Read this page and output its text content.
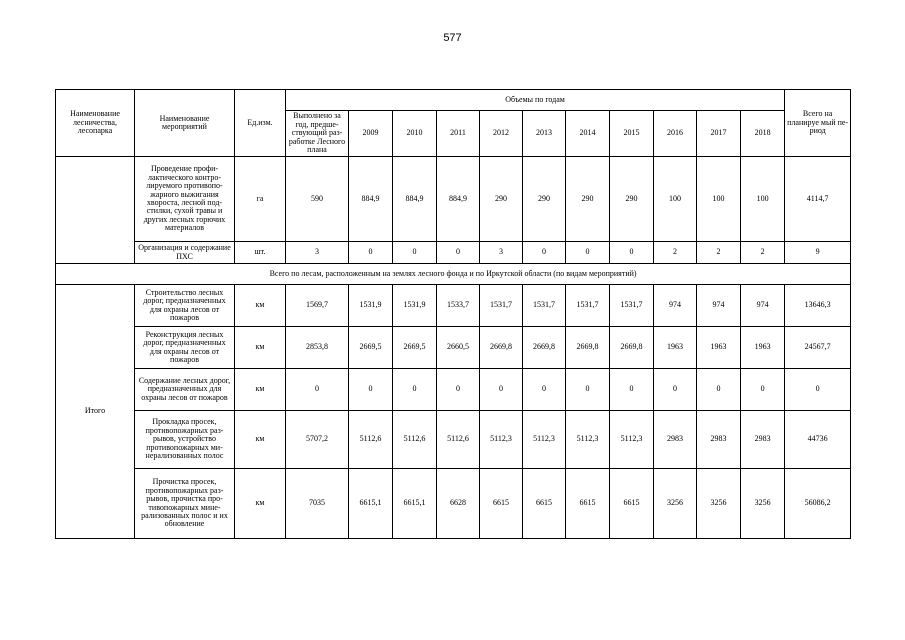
577
Наименование лесничества, лесопарка	Наименование мероприятий	Ед.изм.	Объемы по годам											Всего на планируе мый пе-риод
			Выполнено за год, предше-ствующий раз-работке Лесного плана	2009	2010	2011	2012	2013	2014	2015	2016	2017	2018	
	Проведение профи-лактического контро-лируемого противопо-жарного выжигания хворостa, лесной под-стилки, сухой травы и других лесных горючих материалов	га	590	884,9	884,9	884,9	290	290	290	290	100	100	100	4114,7
	Организация и содержание ПХС	шт.	3	0	0	0	3	0	0	0	2	2	2	9
Всего по лесам, расположенным на землях лесного фонда и по Иркутской области (по видам мероприятий)														
Итого	Строительство лесных дорог, предназначенных для охраны лесов от пожаров	км	1569,7	1531,9	1531,9	1533,7	1531,7	1531,7	1531,7	1531,7	974	974	974	13646,3
	Реконструкция лесных дорог, предназначенных для охраны лесов от пожаров	км	2853,8	2669,5	2669,5	2660,5	2669,8	2669,8	2669,8	2669,8	1963	1963	1963	24567,7
	Содержание лесных дорог, предназначенных для охраны лесов от пожаров	км	0	0	0	0	0	0	0	0	0	0	0	0
	Прокладка просек, противопожарных раз-рывов, устройство противопожарных ми-нерализованных полос	км	5707,2	5112,6	5112,6	5112,6	5112,3	5112,3	5112,3	5112,3	2983	2983	2983	44736
	Прочистка просек, противопожарных раз-рывов, прочистка про-тивопожарных мине-рализованных полос и их обновление	км	7035	6615,1	6615,1	6628	6615	6615	6615	6615	3256	3256	3256	56086,2
